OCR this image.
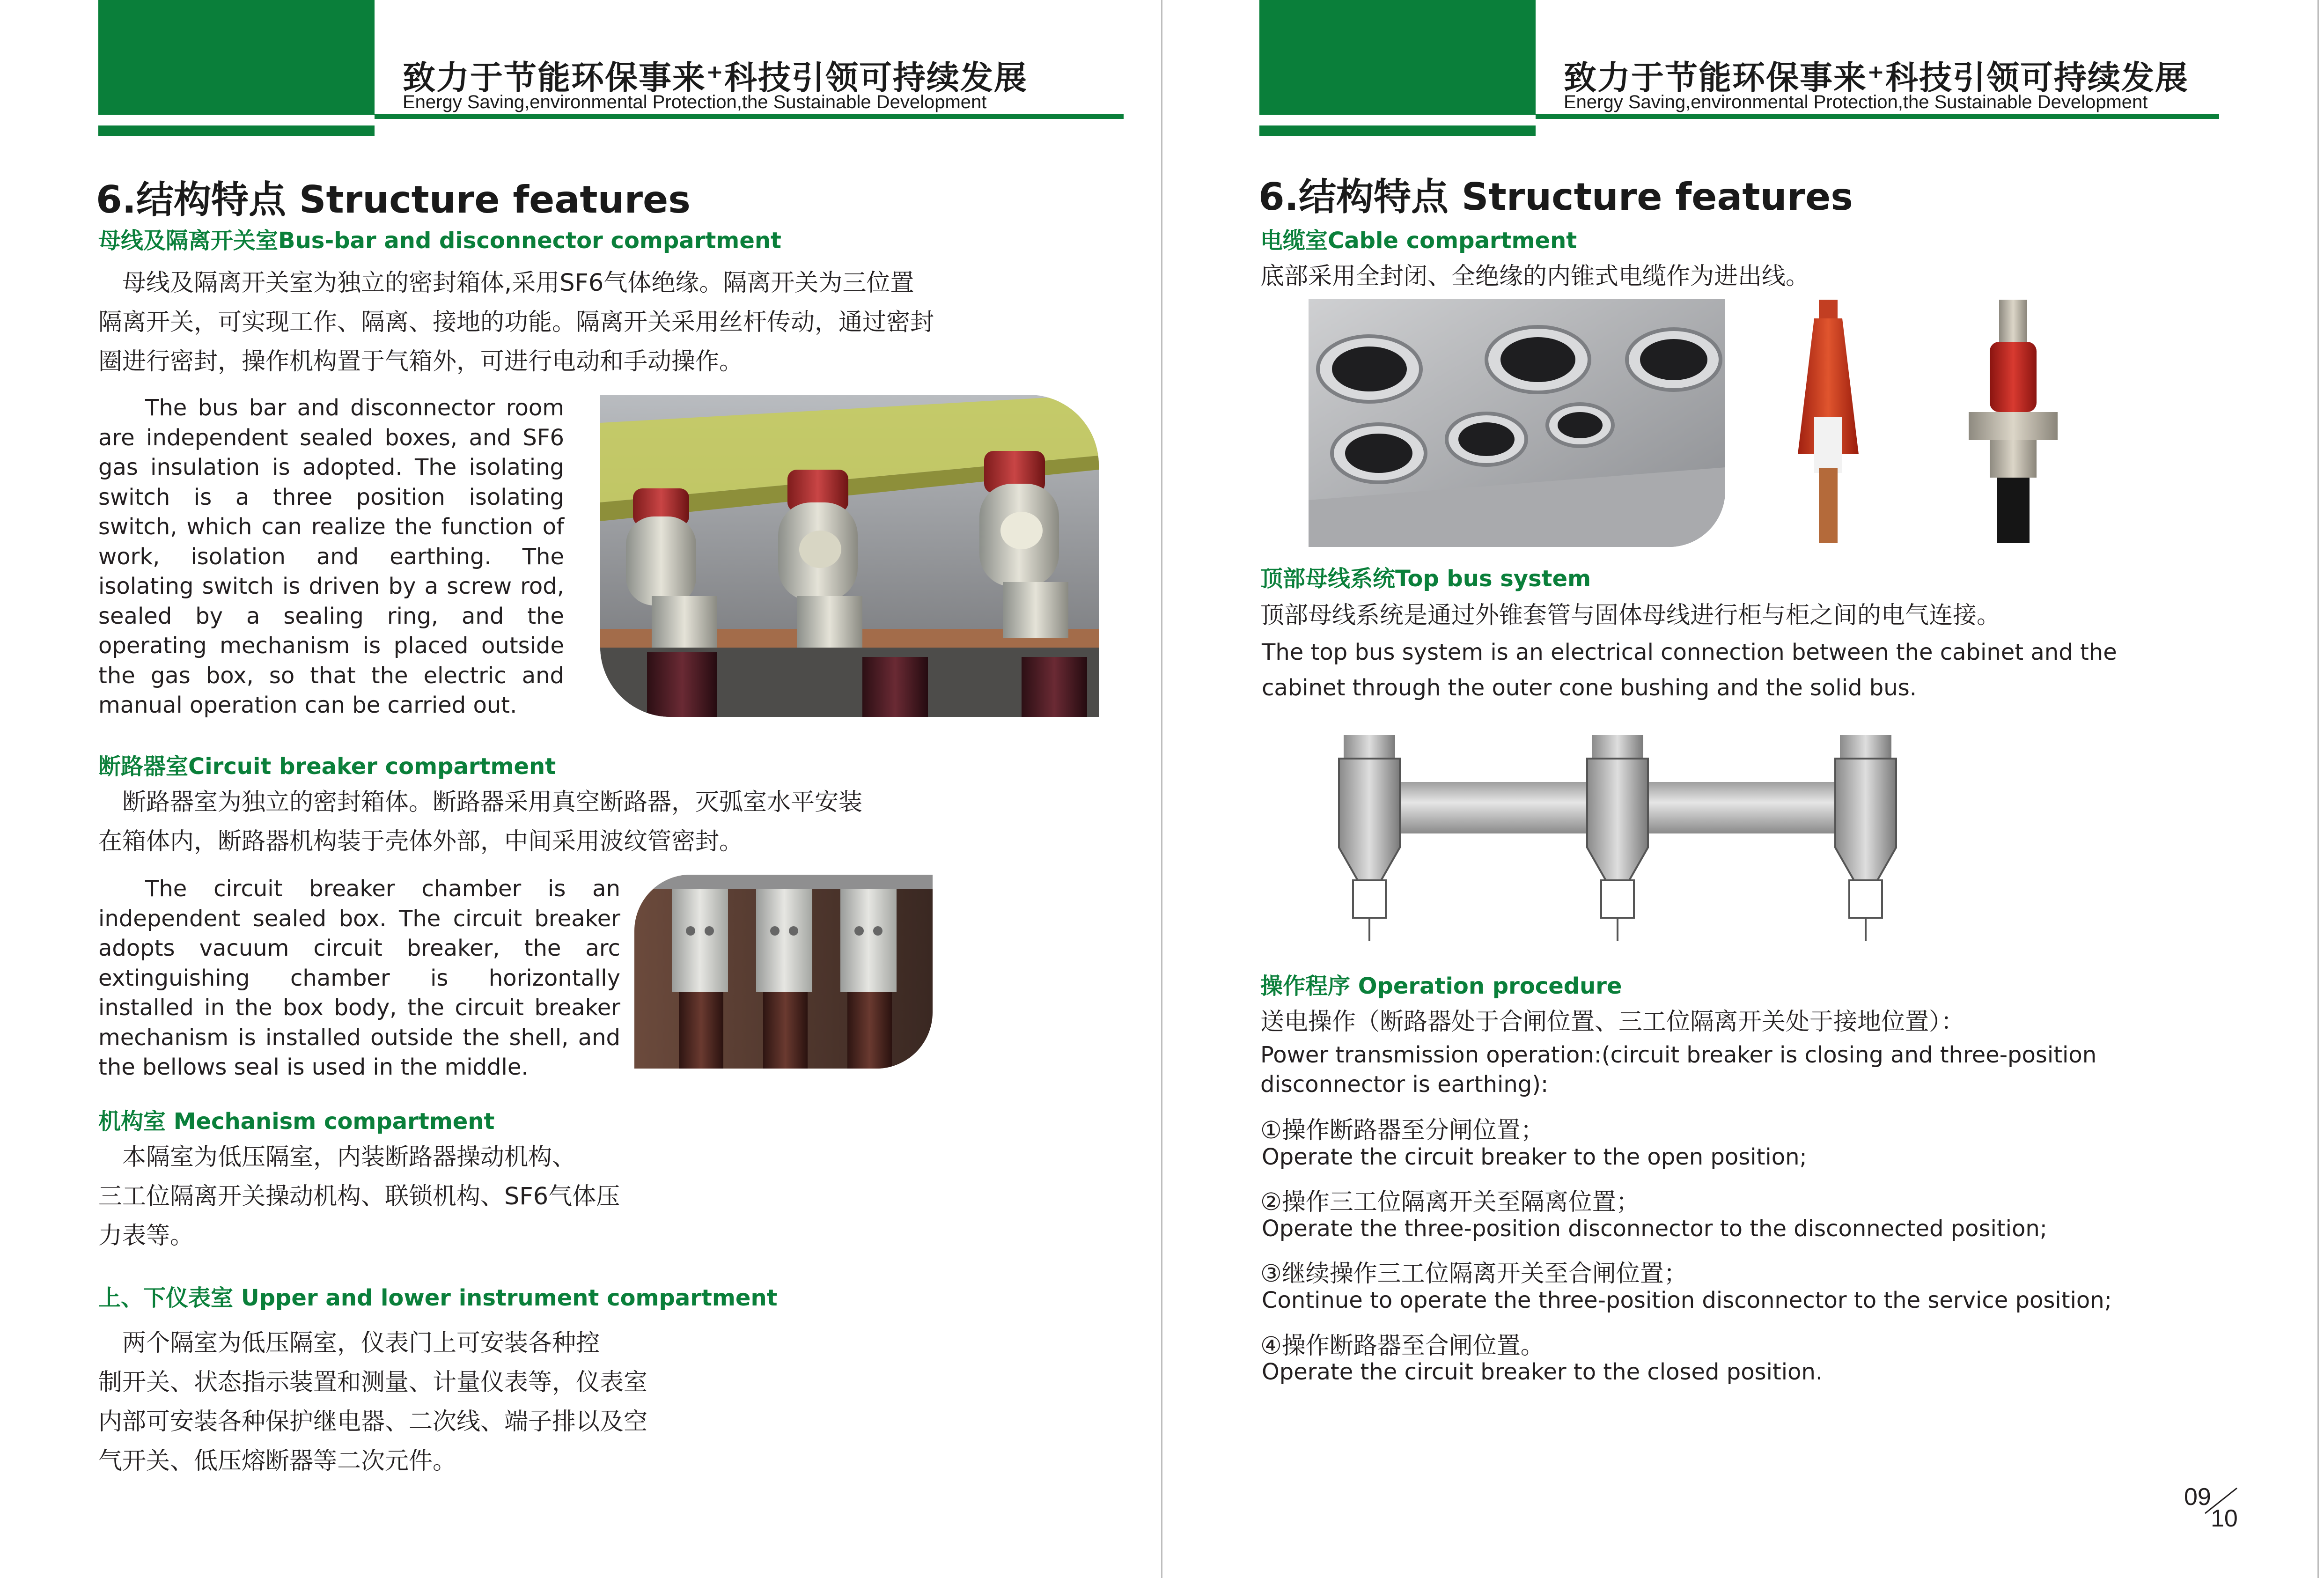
致力于节能环保事来⁺科技引领可持续发展
Energy Saving,environmental Protection,the Sustainable Development
6.结构特点 Structure features
母线及隔离开关室Bus-bar and disconnector compartment

　母线及隔离开关室为独立的密封箱体,采用SF6气体绝缘。隔离开关为三位置

隔离开关，可实现工作、隔离、接地的功能。隔离开关采用丝杆传动，通过密封

圈进行密封，操作机构置于气箱外，可进行电动和手动操作。

The bus bar and disconnector room are independent sealed boxes, and SF6 gas insulation is adopted. The isolating switch is a three position isolating switch, which can realize the function of work, isolation and earthing. The isolating switch is driven by a screw rod, sealed by a sealing ring, and the operating mechanism is placed outside the gas box, so that the electric and manual operation can be carried out.
断路器室Circuit breaker compartment

　断路器室为独立的密封箱体。断路器采用真空断路器，灭弧室水平安装

在箱体内，断路器机构装于壳体外部，中间采用波纹管密封。

The circuit breaker chamber is an independent sealed box. The circuit breaker adopts vacuum circuit breaker, the arc extinguishing chamber is horizontally installed in the box body, the circuit breaker mechanism is installed outside the shell, and the bellows seal is used in the middle.
机构室 Mechanism compartment

　本隔室为低压隔室，内装断路器操动机构、

三工位隔离开关操动机构、联锁机构、SF6气体压

力表等。

上、下仪表室 Upper and lower instrument compartment

　两个隔室为低压隔室，仪表门上可安装各种控

制开关、状态指示装置和测量、计量仪表等，仪表室

内部可安装各种保护继电器、二次线、端子排以及空

气开关、低压熔断器等二次元件。

致力于节能环保事来⁺科技引领可持续发展
Energy Saving,environmental Protection,the Sustainable Development
6.结构特点 Structure features
电缆室Cable compartment
底部采用全封闭、全绝缘的内锥式电缆作为进出线。
顶部母线系统Top bus system
顶部母线系统是通过外锥套管与固体母线进行柜与柜之间的电气连接。
The top bus system is an electrical connection between the cabinet and the
cabinet through the outer cone bushing and the solid bus.
操作程序 Operation procedure
送电操作（断路器处于合闸位置、三工位隔离开关处于接地位置）：
Power transmission operation:(circuit breaker is closing and three-position
disconnector is earthing):
①操作断路器至分闸位置；
Operate the circuit breaker to the open position;
②操作三工位隔离开关至隔离位置；
Operate the three-position disconnector to the disconnected position;
③继续操作三工位隔离开关至合闸位置；
Continue to operate the three-position disconnector to the service position;
④操作断路器至合闸位置。
Operate the circuit breaker to the closed position.
09
10
